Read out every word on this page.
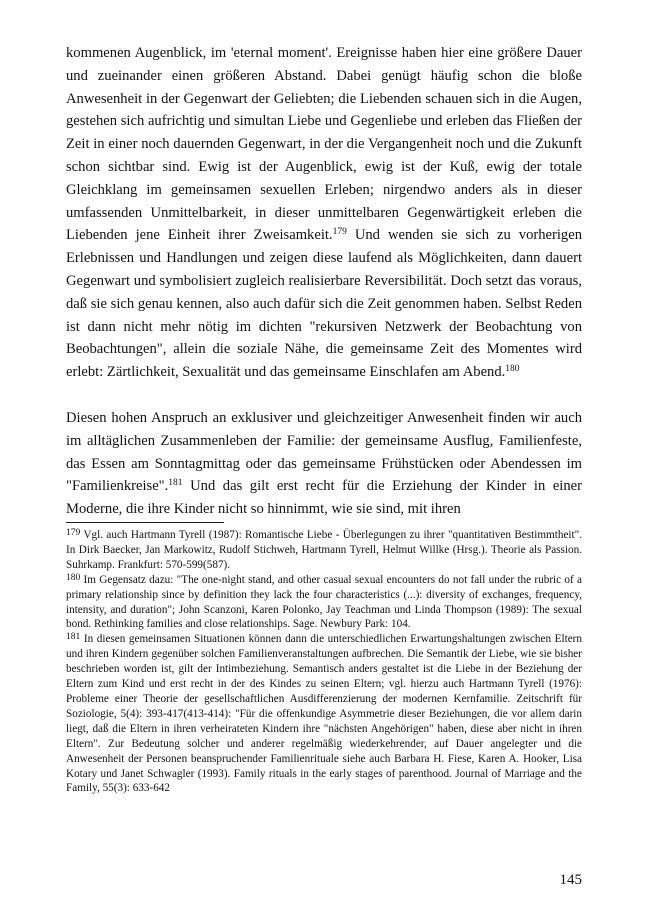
kommenen Augenblick, im 'eternal moment'. Ereignisse haben hier eine größere Dauer und zueinander einen größeren Abstand. Dabei genügt häufig schon die bloße Anwesenheit in der Gegenwart der Geliebten; die Liebenden schauen sich in die Augen, gestehen sich aufrichtig und simultan Liebe und Gegenliebe und erleben das Fließen der Zeit in einer noch dauernden Gegenwart, in der die Vergangenheit noch und die Zukunft schon sichtbar sind. Ewig ist der Augenblick, ewig ist der Kuß, ewig der totale Gleichklang im gemeinsamen sexuellen Erleben; nirgendwo anders als in dieser umfassenden Unmittelbarkeit, in dieser unmittelbaren Gegenwärtigkeit erleben die Liebenden jene Einheit ihrer Zweisamkeit.$^{179}$ Und wenden sie sich zu vorherigen Erlebnissen und Handlungen und zeigen diese laufend als Möglichkeiten, dann dauert Gegenwart und symbolisiert zugleich realisierbare Reversibilität. Doch setzt das voraus, daß sie sich genau kennen, also auch dafür sich die Zeit genommen haben. Selbst Reden ist dann nicht mehr nötig im dichten "rekursiven Netzwerk der Beobachtung von Beobachtungen", allein die soziale Nähe, die gemeinsame Zeit des Momentes wird erlebt: Zärtlichkeit, Sexualität und das gemeinsame Einschlafen am Abend.$^{180}$

Diesen hohen Anspruch an exklusiver und gleichzeitiger Anwesenheit finden wir auch im alltäglichen Zusammenleben der Familie: der gemeinsame Ausflug, Familienfeste, das Essen am Sonntagmittag oder das gemeinsame Frühstücken oder Abendessen im "Familienkreise".$^{181}$ Und das gilt erst recht für die Erziehung der Kinder in einer Moderne, die ihre Kinder nicht so hinnimmt, wie sie sind, mit ihren

$^{179}$ Vgl. auch Hartmann Tyrell (1987): Romantische Liebe - Überlegungen zu ihrer "quantitativen Bestimmtheit". In Dirk Baecker, Jan Markowitz, Rudolf Stichweh, Hartmann Tyrell, Helmut Willke (Hrsg.). Theorie als Passion. Suhrkamp. Frankfurt: 570-599(587).

$^{180}$ Im Gegensatz dazu: "The one-night stand, and other casual sexual encounters do not fall under the rubric of a primary relationship since by definition they lack the four characteristics (...): diversity of exchanges, frequency, intensity, and duration"; John Scanzoni, Karen Polonko, Jay Teachman und Linda Thompson (1989): The sexual bond. Rethinking families and close relationships. Sage. Newbury Park: 104.

$^{181}$ In diesen gemeinsamen Situationen können dann die unterschiedlichen Erwartungshaltungen zwischen Eltern und ihren Kindern gegenüber solchen Familienveranstaltungen aufbrechen. Die Semantik der Liebe, wie sie bisher beschrieben worden ist, gilt der Intimbeziehung. Semantisch anders gestaltet ist die Liebe in der Beziehung der Eltern zum Kind und erst recht in der des Kindes zu seinen Eltern; vgl. hierzu auch Hartmann Tyrell (1976): Probleme einer Theorie der gesellschaftlichen Ausdifferenzierung der modernen Kernfamilie. Zeitschrift für Soziologie, 5(4): 393-417(413-414): "Für die offenkundige Asymmetrie dieser Beziehungen, die vor allem darin liegt, daß die Eltern in ihren verheirateten Kindern ihre "nächsten Angehörigen" haben, diese aber nicht in ihren Eltern". Zur Bedeutung solcher und anderer regelmäßig wiederkehrender, auf Dauer angelegter und die Anwesenheit der Personen beanspruchender Familienrituale siehe auch Barbara H. Fiese, Karen A. Hooker, Lisa Kotary und Janet Schwagler (1993). Family rituals in the early stages of parenthood. Journal of Marriage and the Family, 55(3): 633-642

145
